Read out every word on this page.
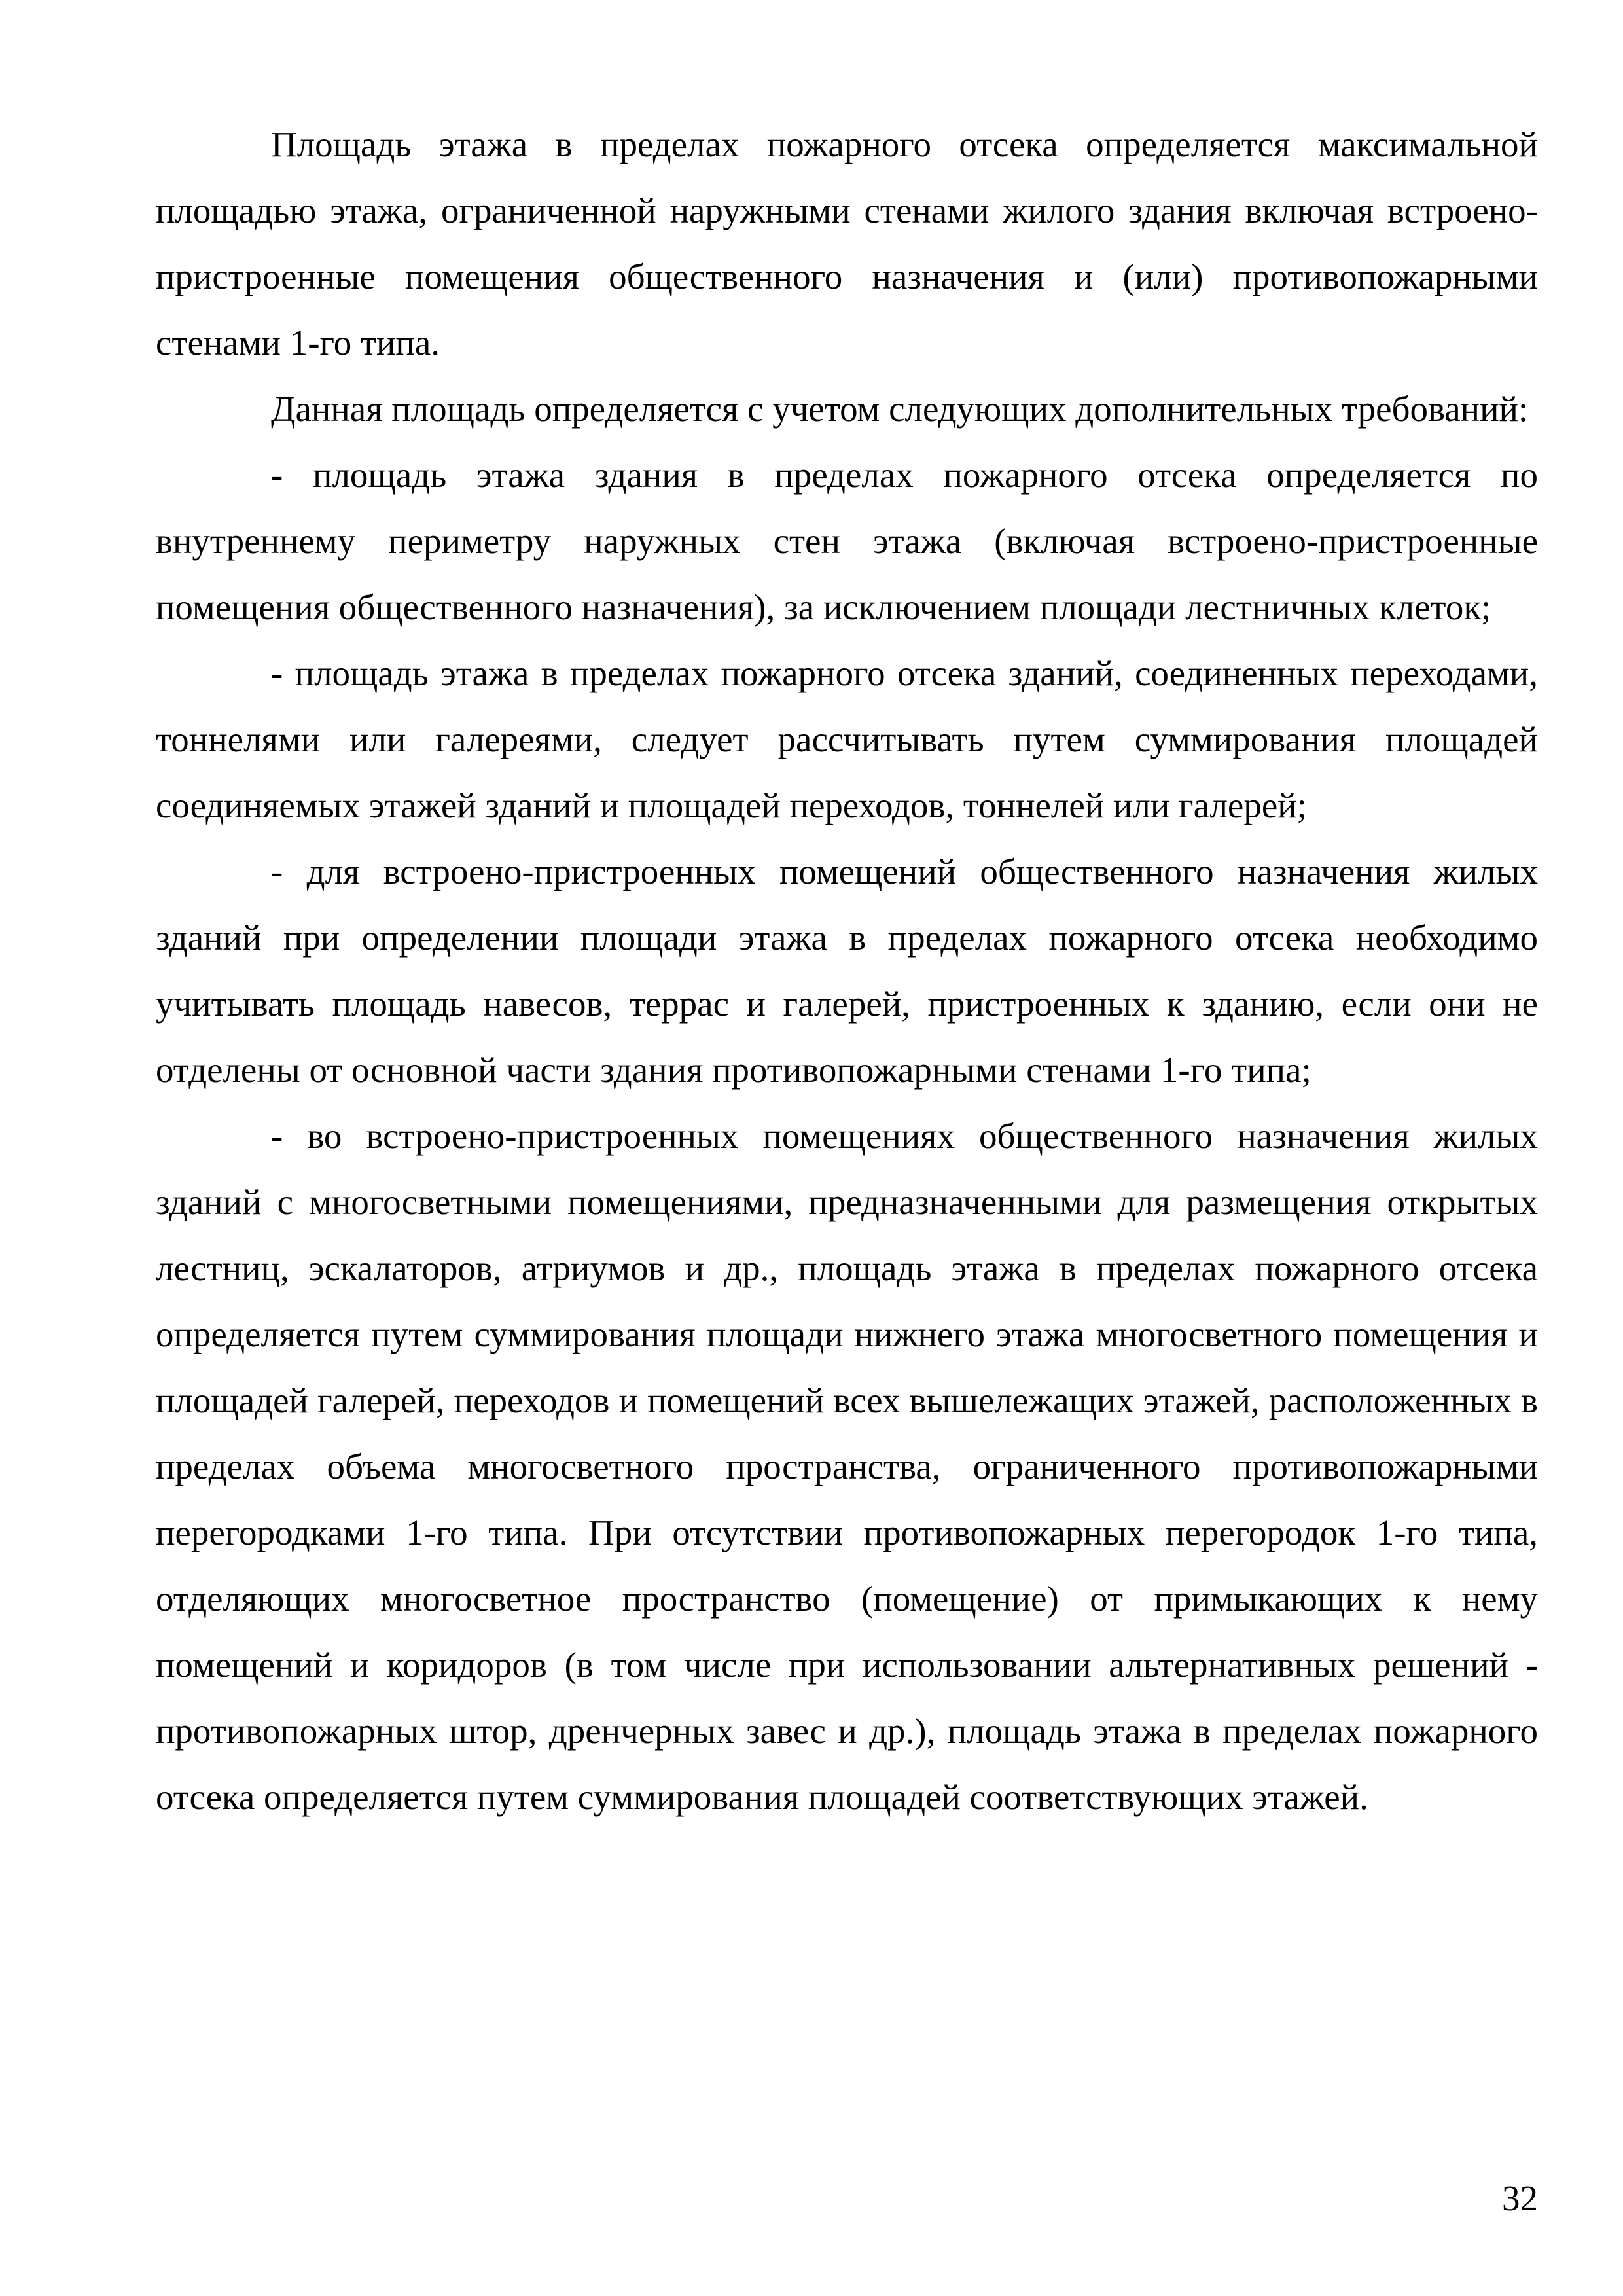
Площадь этажа в пределах пожарного отсека определяется максимальной площадью этажа, ограниченной наружными стенами жилого здания включая встроено-пристроенные помещения общественного назначения и (или) противопожарными стенами 1-го типа.

Данная площадь определяется с учетом следующих дополнительных требований:

- площадь этажа здания в пределах пожарного отсека определяется по внутреннему периметру наружных стен этажа (включая встроено-пристроенные помещения общественного назначения), за исключением площади лестничных клеток;

- площадь этажа в пределах пожарного отсека зданий, соединенных переходами, тоннелями или галереями, следует рассчитывать путем суммирования площадей соединяемых этажей зданий и площадей переходов, тоннелей или галерей;

- для встроено-пристроенных помещений общественного назначения жилых зданий при определении площади этажа в пределах пожарного отсека необходимо учитывать площадь навесов, террас и галерей, пристроенных к зданию, если они не отделены от основной части здания противопожарными стенами 1-го типа;

- во встроено-пристроенных помещениях общественного назначения жилых зданий с многосветными помещениями, предназначенными для размещения открытых лестниц, эскалаторов, атриумов и др., площадь этажа в пределах пожарного отсека определяется путем суммирования площади нижнего этажа многосветного помещения и площадей галерей, переходов и помещений всех вышележащих этажей, расположенных в пределах объема многосветного пространства, ограниченного противопожарными перегородками 1-го типа. При отсутствии противопожарных перегородок 1-го типа, отделяющих многосветное пространство (помещение) от примыкающих к нему помещений и коридоров (в том числе при использовании альтернативных решений - противопожарных штор, дренчерных завес и др.), площадь этажа в пределах пожарного отсека определяется путем суммирования площадей соответствующих этажей.

32
